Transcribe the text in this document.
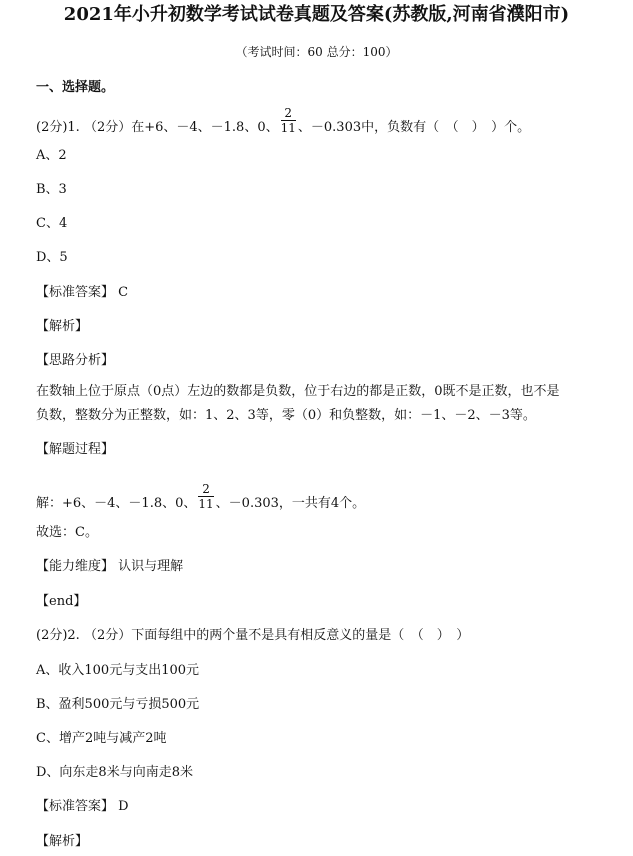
2021年小升初数学考试试卷真题及答案(苏教版,河南省濮阳市)
（考试时间：60 总分：100）
一、选择题。
(2分)1. （2分）在+6、－4、－1.8、0、 $\frac{2}{11}$ 、－0.303中，负数有（　（　）　）个。
A、2
B、3
C、4
D、5
【标准答案】 C
【解析】
【思路分析】
在数轴上位于原点（0点）左边的数都是负数，位于右边的都是正数，0既不是正数，也不是
负数，整数分为正整数，如：1、2、3等，零（0）和负整数，如：－1、－2、－3等。
【解题过程】
解：+6、－4、－1.8、0、 $\frac{2}{11}$ 、－0.303，一共有4个。
故选：C。
【能力维度】 认识与理解
【end】
(2分)2. （2分）下面每组中的两个量不是具有相反意义的量是（　（　）　）
A、收入100元与支出100元
B、盈利500元与亏损500元
C、增产2吨与减产2吨
D、向东走8米与向南走8米
【标准答案】 D
【解析】
